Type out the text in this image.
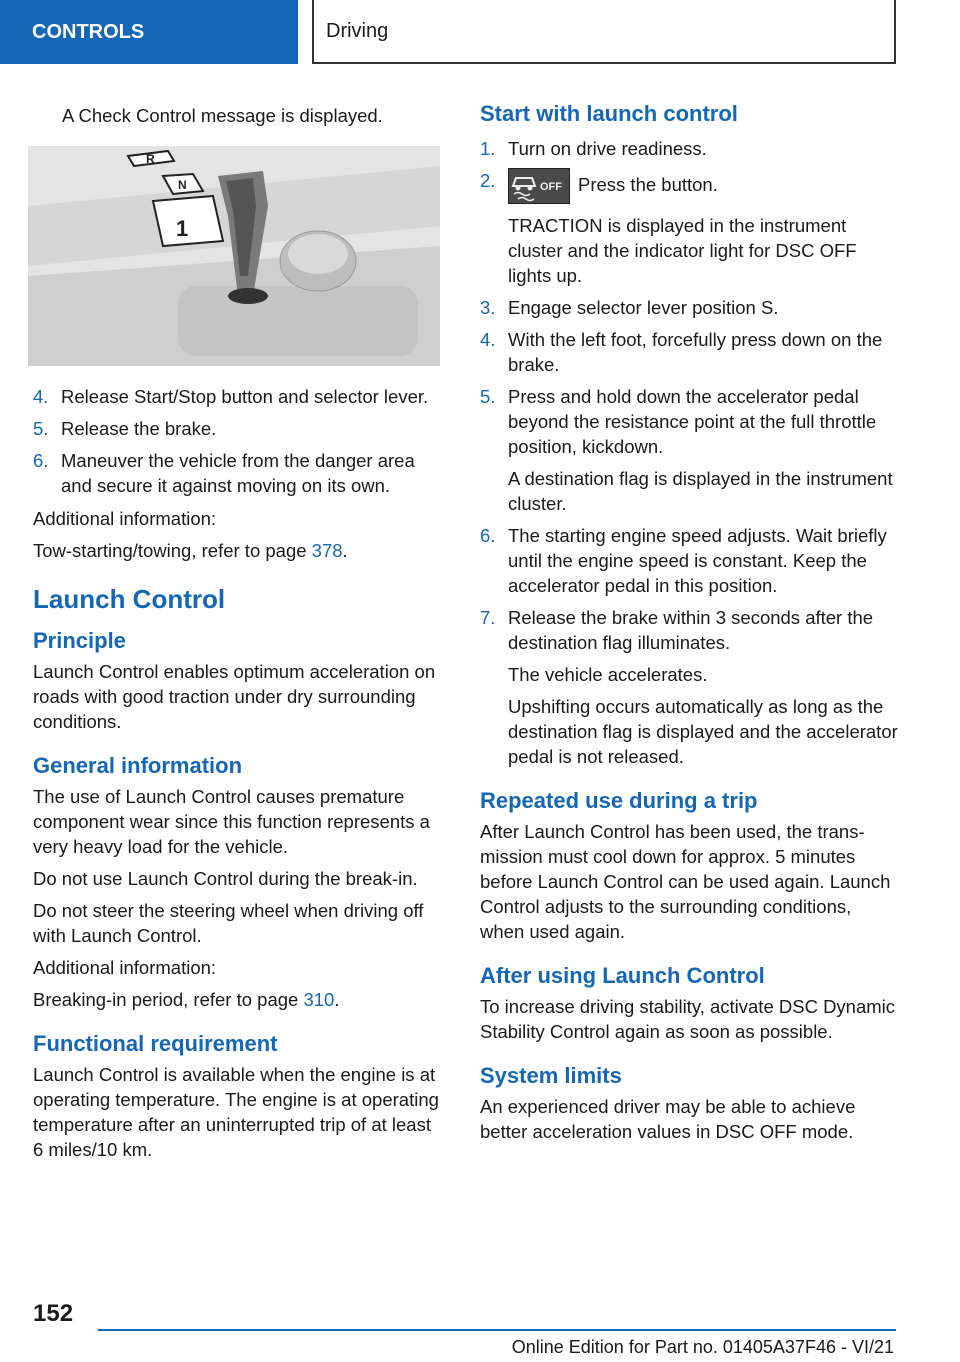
CONTROLS	Driving

A Check Control message is displayed.

R
N
1
4. Release Start/Stop button and selector lever.
5. Release the brake.
6. Maneuver the vehicle from the danger area and secure it against moving on its own.

Additional information:

Tow-starting/towing, refer to page 378.

Launch Control
Principle

Launch Control enables optimum acceleration on roads with good traction under dry surrounding conditions.

General information

The use of Launch Control causes premature component wear since this function represents a very heavy load for the vehicle.

Do not use Launch Control during the break-in.

Do not steer the steering wheel when driving off with Launch Control.

Additional information:

Breaking-in period, refer to page 310.

Functional requirement

Launch Control is available when the engine is at operating temperature. The engine is at operating temperature after an uninterrupted trip of at least 6 miles/10 km.

Start with launch control
1. Turn on drive readiness.
2.	OFF Press the button.

TRACTION is displayed in the instrument cluster and the indicator light for DSC OFF lights up.

3. Engage selector lever position S.
4. With the left foot, forcefully press down on the brake.
5. Press and hold down the accelerator pedal beyond the resistance point at the full throttle position, kickdown.

A destination flag is displayed in the instrument cluster.

6. The starting engine speed adjusts. Wait briefly until the engine speed is constant. Keep the accelerator pedal in this position.
7. Release the brake within 3 seconds after the destination flag illuminates.

The vehicle accelerates.

Upshifting occurs automatically as long as the destination flag is displayed and the accelerator pedal is not released.

Repeated use during a trip

After Launch Control has been used, the transmission must cool down for approx. 5 minutes before Launch Control can be used again. Launch Control adjusts to the surrounding conditions, when used again.

After using Launch Control

To increase driving stability, activate DSC Dynamic Stability Control again as soon as possible.

System limits

An experienced driver may be able to achieve better acceleration values in DSC OFF mode.

152
Online Edition for Part no. 01405A37F46 - VI/21
